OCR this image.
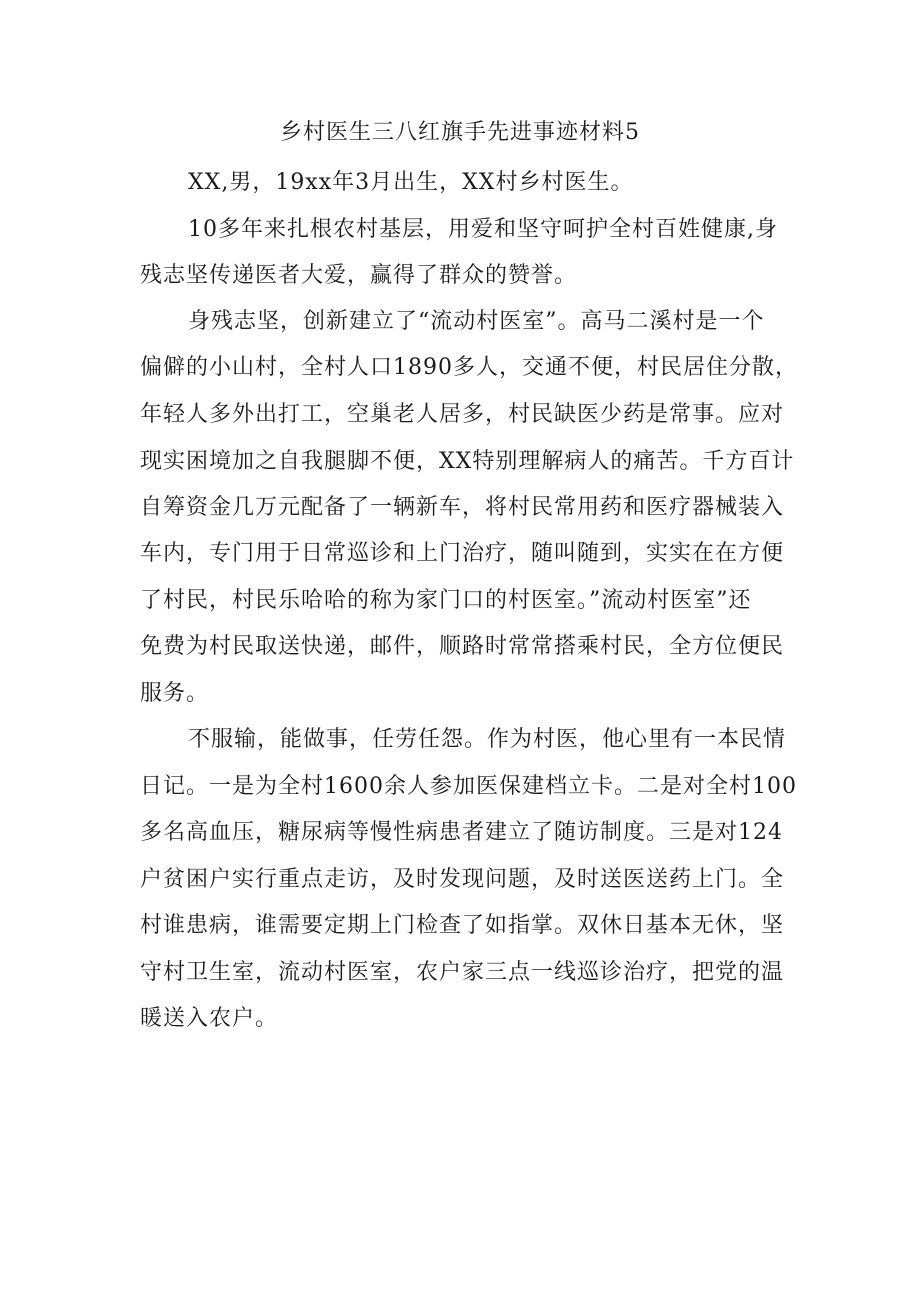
乡村医生三八红旗手先进事迹材料5

XX,男，19xx年3月出生，XX村乡村医生。

10多年来扎根农村基层，用爱和坚守呵护全村百姓健康,身

残志坚传递医者大爱，赢得了群众的赞誉。

身残志坚，创新建立了“流动村医室”。高马二溪村是一个

偏僻的小山村，全村人口1890多人，交通不便，村民居住分散，

年轻人多外出打工，空巢老人居多，村民缺医少药是常事。应对

现实困境加之自我腿脚不便，XX特别理解病人的痛苦。千方百计

自筹资金几万元配备了一辆新车，将村民常用药和医疗器械装入

车内，专门用于日常巡诊和上门治疗，随叫随到，实实在在方便

了村民，村民乐哈哈的称为家门口的村医室。”流动村医室”还

免费为村民取送快递，邮件，顺路时常常搭乘村民，全方位便民

服务。

不服输，能做事，任劳任怨。作为村医，他心里有一本民情

日记。一是为全村1600余人参加医保建档立卡。二是对全村100

多名高血压，糖尿病等慢性病患者建立了随访制度。三是对124

户贫困户实行重点走访，及时发现问题，及时送医送药上门。全

村谁患病，谁需要定期上门检查了如指掌。双休日基本无休，坚

守村卫生室，流动村医室，农户家三点一线巡诊治疗，把党的温

暖送入农户。
